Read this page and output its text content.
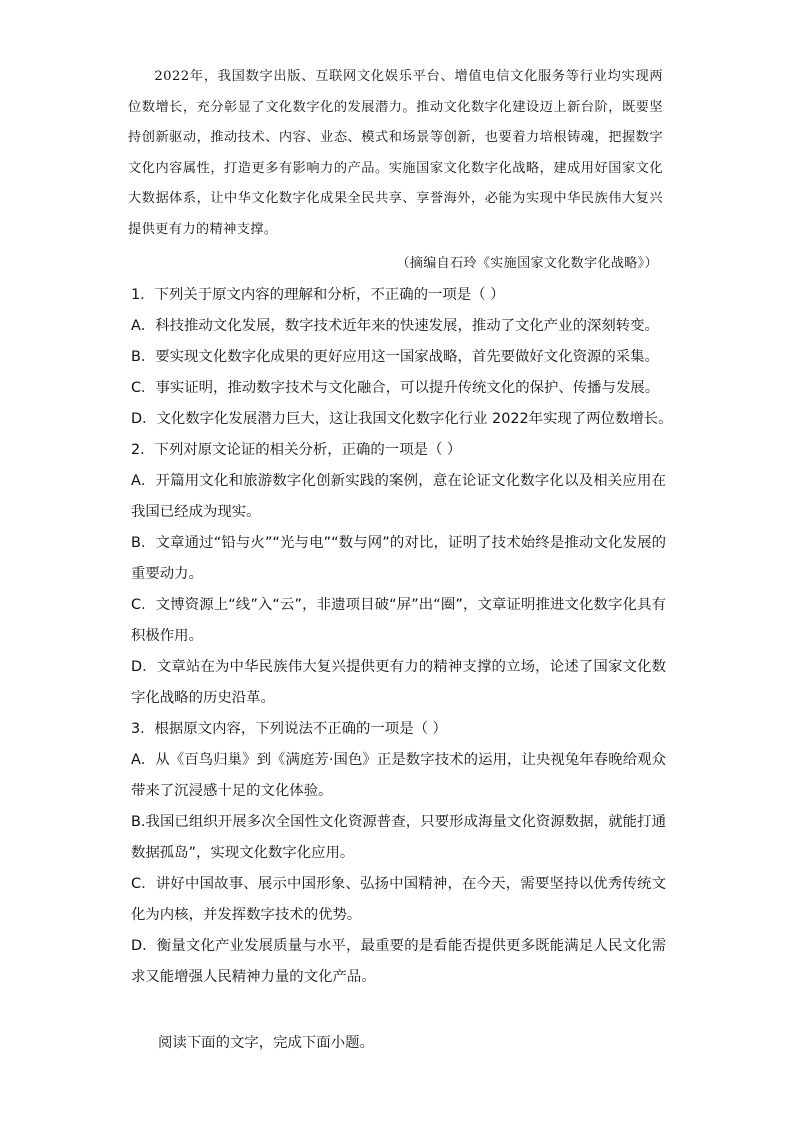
2022年，我国数字出版、互联网文化娱乐平台、增值电信文化服务等行业均实现两位数增长，充分彰显了文化数字化的发展潜力。推动文化数字化建设迈上新台阶，既要坚持创新驱动，推动技术、内容、业态、模式和场景等创新，也要着力培根铸魂，把握数字文化内容属性，打造更多有影响力的产品。实施国家文化数字化战略，建成用好国家文化大数据体系，让中华文化数字化成果全民共享、享誉海外，必能为实现中华民族伟大复兴提供更有力的精神支撑。

（摘编自石玲《实施国家文化数字化战略》）

1．下列关于原文内容的理解和分析，不正确的一项是（ ）

A．科技推动文化发展，数字技术近年来的快速发展，推动了文化产业的深刻转变。

B．要实现文化数字化成果的更好应用这一国家战略，首先要做好文化资源的采集。

C．事实证明，推动数字技术与文化融合，可以提升传统文化的保护、传播与发展。

D．文化数字化发展潜力巨大，这让我国文化数字化行业 2022年实现了两位数增长。

2．下列对原文论证的相关分析，正确的一项是（ ）

A．开篇用文化和旅游数字化创新实践的案例，意在论证文化数字化以及相关应用在我国已经成为现实。

B．文章通过“铅与火”“光与电”“数与网”的对比，证明了技术始终是推动文化发展的重要动力。

C．文博资源上“线”入“云”，非遗项目破“屏”出“圈”，文章证明推进文化数字化具有积极作用。

D．文章站在为中华民族伟大复兴提供更有力的精神支撑的立场，论述了国家文化数字化战略的历史沿革。

3．根据原文内容，下列说法不正确的一项是（ ）

A．从《百鸟归巢》到《满庭芳·国色》正是数字技术的运用，让央视兔年春晚给观众带来了沉浸感十足的文化体验。

B.我国已组织开展多次全国性文化资源普查，只要形成海量文化资源数据，就能打通数据孤岛”，实现文化数字化应用。

C．讲好中国故事、展示中国形象、弘扬中国精神，在今天，需要坚持以优秀传统文化为内核，并发挥数字技术的优势。

D．衡量文化产业发展质量与水平，最重要的是看能否提供更多既能满足人民文化需求又能增强人民精神力量的文化产品。

阅读下面的文字，完成下面小题。
